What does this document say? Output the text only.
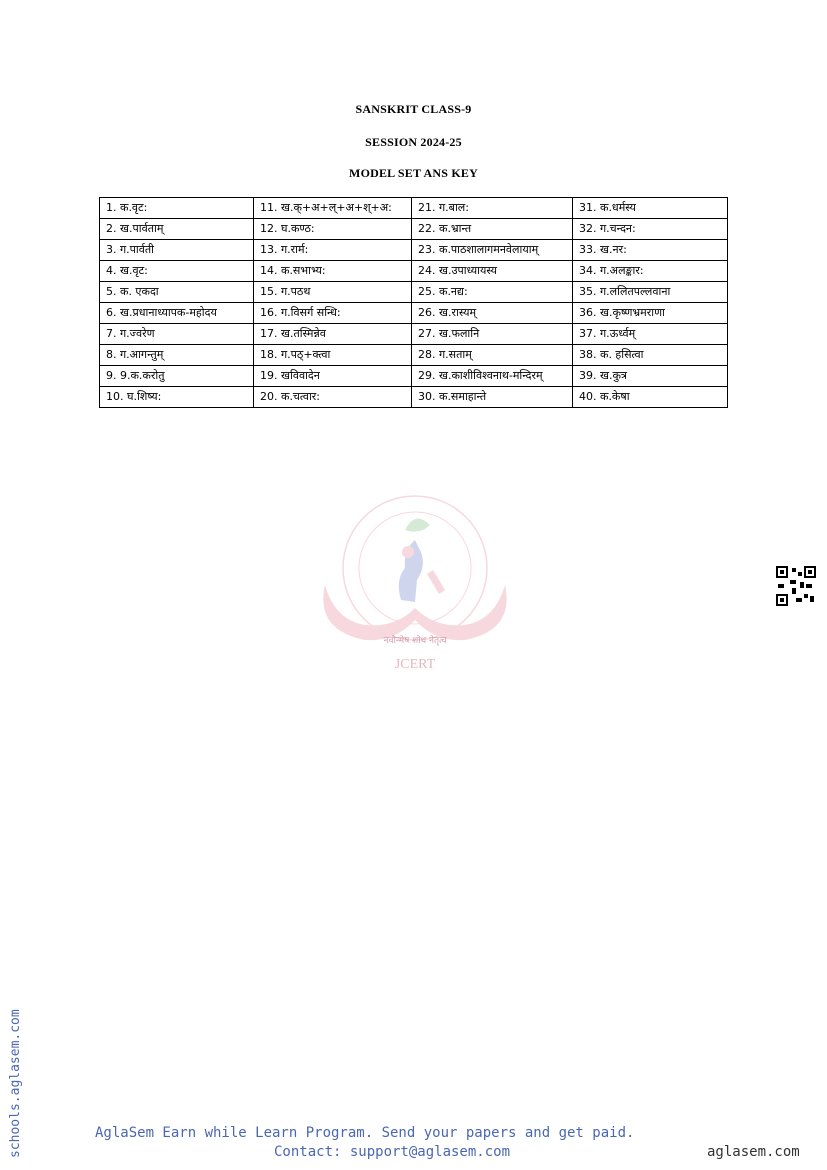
SANSKRIT CLASS-9
SESSION 2024-25
MODEL SET ANS KEY
1. क.वृट:	11. ख.क्+अ+ल्+अ+श्+अ:	21. ग.बाल:	31. क.धर्मस्य
2. ख.पार्वताम्	12. घ.कण्ठ:	22. क.भ्रान्त	32. ग.चन्दन:
3. ग.पार्वती	13. ग.रार्म:	23. क.पाठशालागमनवेलायाम्	33. ख.नर:
4. ख.वृट:	14. क.सभाभ्य:	24. ख.उपाध्यायस्य	34. ग.अलङ्कार:
5. क. एकदा	15. ग.पठथ	25. क.नद्य:	35. ग.ललितपल्लवाना
6. ख.प्रधानाध्यापक-महोदय	16. ग.विसर्ग सन्धि:	26. ख.रास्यम्	36. ख.कृष्णभ्रमराणा
7. ग.ज्वरेण	17. ख.तस्मिन्नेव	27. ख.फलानि	37. ग.ऊर्ध्वम्
8. ग.आगन्तुम्	18. ग.पठ्+क्त्वा	28. ग.सताम्	38. क. हसित्वा
9. 9.क.करोतु	19. खविवादेन	29. ख.काशीविश्वनाथ-मन्दिरम्	39. ख.कुत्र
10. घ.शिष्य:	20. क.चत्वार:	30. क.समाहान्ते	40. क.केषा
नवोन्मेष शोध नेतृत्व
JCERT
schools.aglasem.com	AglaSem Earn while Learn Program. Send your papers and get paid.
Contact: support@aglasem.com	aglasem.com
